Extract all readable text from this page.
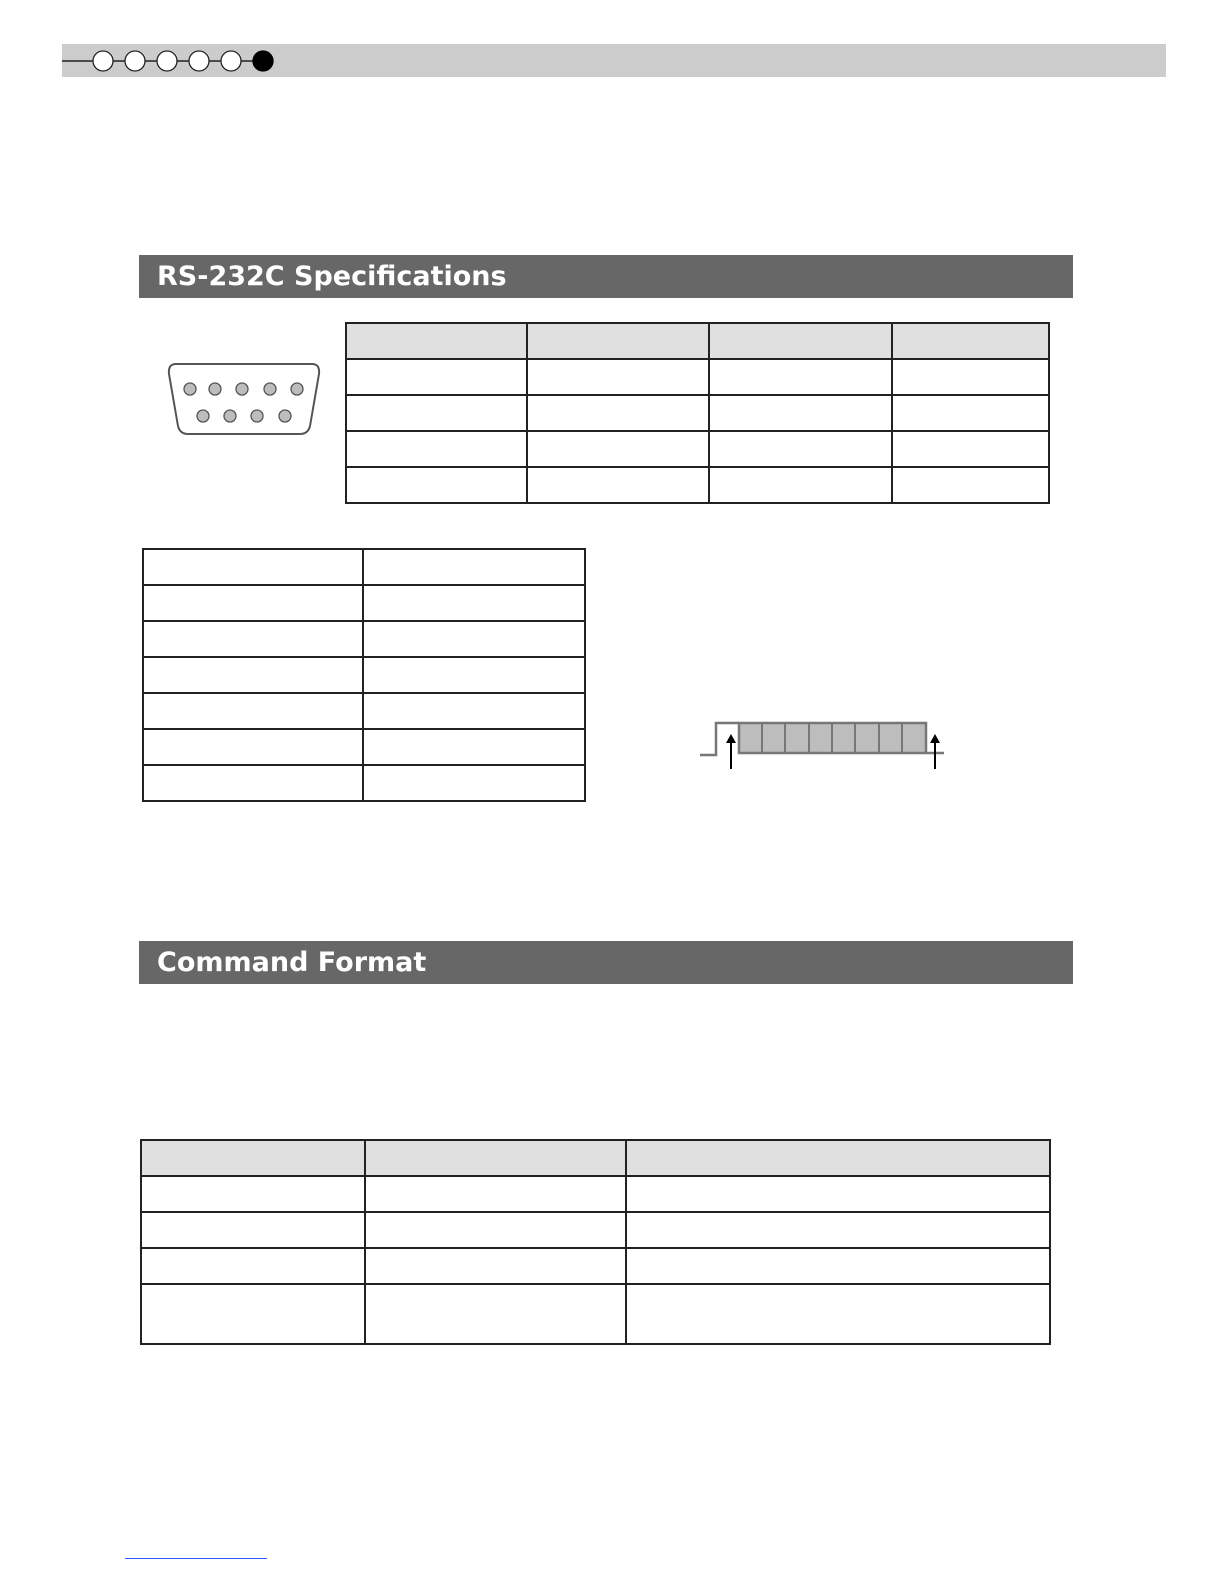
RS-232C Specifications

Command Format
